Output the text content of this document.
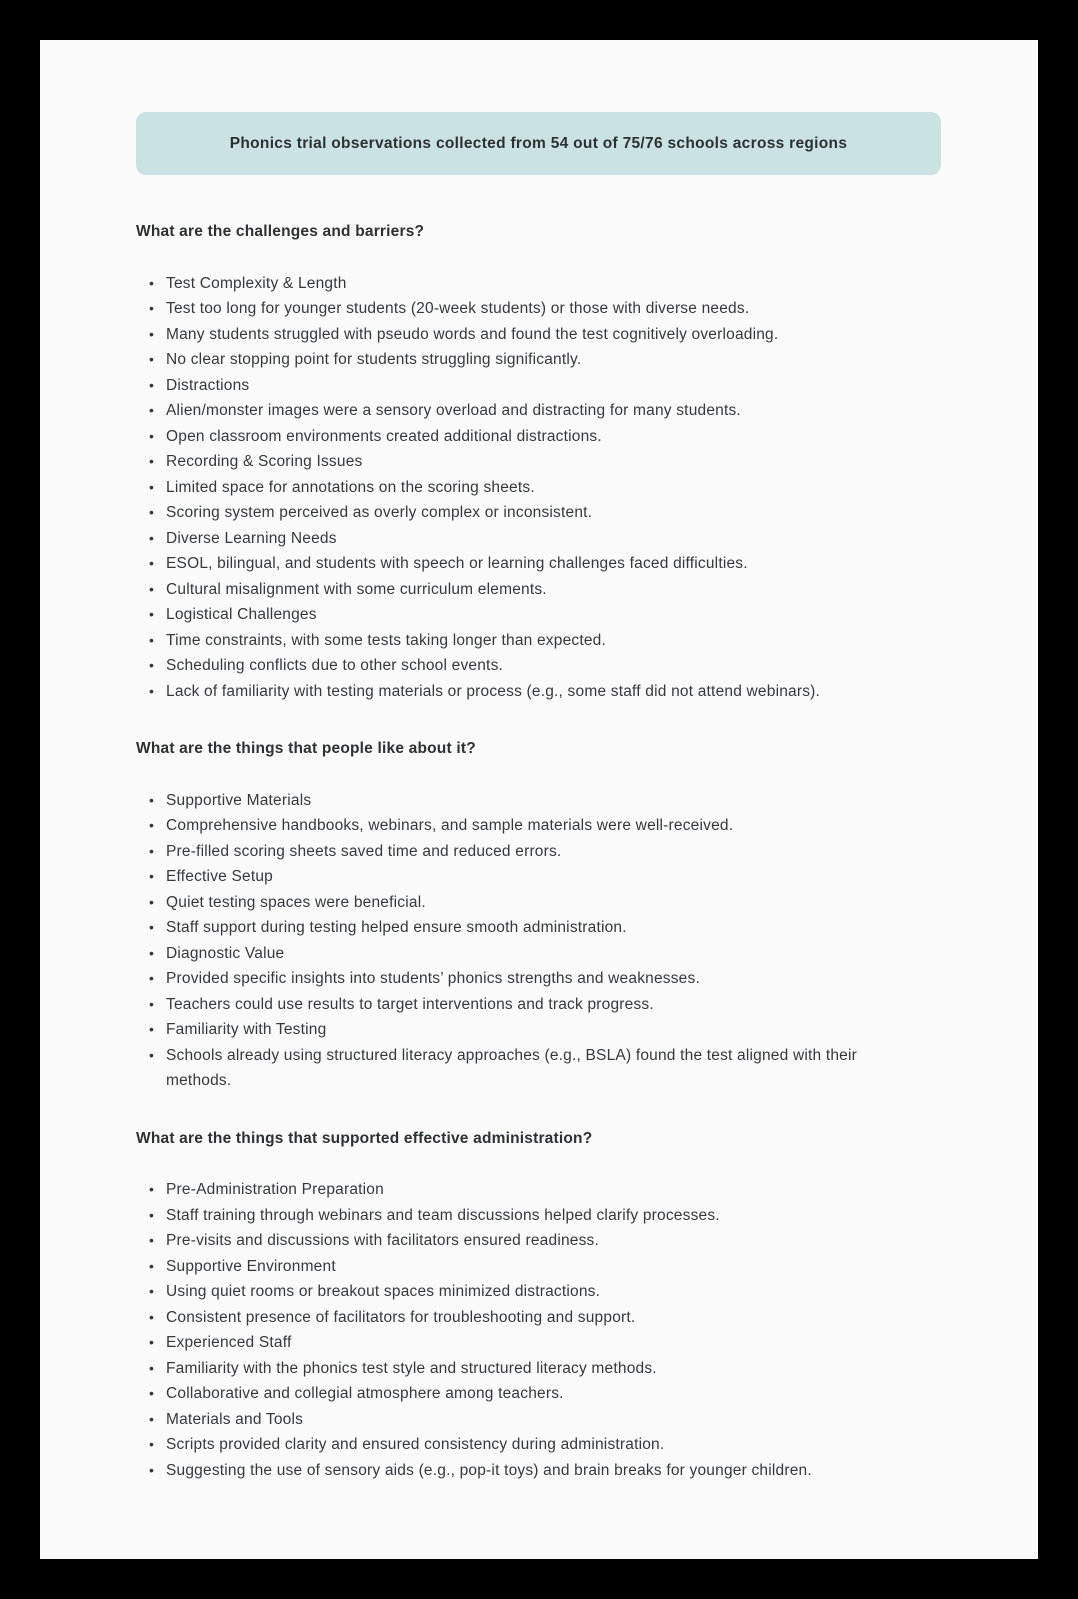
Phonics trial observations collected from 54 out of 75/76 schools across regions
What are the challenges and barriers?
• Test Complexity & Length
• Test too long for younger students (20-week students) or those with diverse needs.
• Many students struggled with pseudo words and found the test cognitively overloading.
• No clear stopping point for students struggling significantly.
• Distractions
• Alien/monster images were a sensory overload and distracting for many students.
• Open classroom environments created additional distractions.
• Recording & Scoring Issues
• Limited space for annotations on the scoring sheets.
• Scoring system perceived as overly complex or inconsistent.
• Diverse Learning Needs
• ESOL, bilingual, and students with speech or learning challenges faced difficulties.
• Cultural misalignment with some curriculum elements.
• Logistical Challenges
• Time constraints, with some tests taking longer than expected.
• Scheduling conflicts due to other school events.
• Lack of familiarity with testing materials or process (e.g., some staff did not attend webinars).
What are the things that people like about it?
• Supportive Materials
• Comprehensive handbooks, webinars, and sample materials were well-received.
• Pre-filled scoring sheets saved time and reduced errors.
• Effective Setup
• Quiet testing spaces were beneficial.
• Staff support during testing helped ensure smooth administration.
• Diagnostic Value
• Provided specific insights into students’ phonics strengths and weaknesses.
• Teachers could use results to target interventions and track progress.
• Familiarity with Testing
• Schools already using structured literacy approaches (e.g., BSLA) found the test aligned with their methods.
What are the things that supported effective administration?
• Pre-Administration Preparation
• Staff training through webinars and team discussions helped clarify processes.
• Pre-visits and discussions with facilitators ensured readiness.
• Supportive Environment
• Using quiet rooms or breakout spaces minimized distractions.
• Consistent presence of facilitators for troubleshooting and support.
• Experienced Staff
• Familiarity with the phonics test style and structured literacy methods.
• Collaborative and collegial atmosphere among teachers.
• Materials and Tools
• Scripts provided clarity and ensured consistency during administration.
• Suggesting the use of sensory aids (e.g., pop-it toys) and brain breaks for younger children.
